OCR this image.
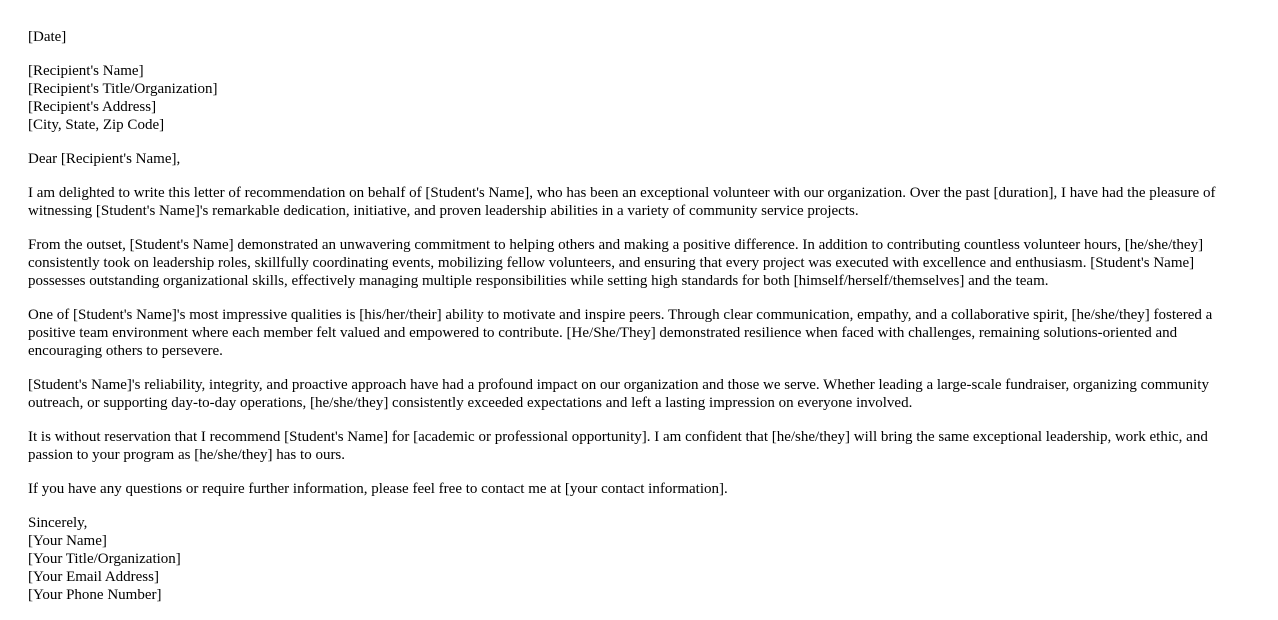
[Date]
[Recipient's Name]
[Recipient's Title/Organization]
[Recipient's Address]
[City, State, Zip Code]
Dear [Recipient's Name],

I am delighted to write this letter of recommendation on behalf of [Student's Name], who has been an exceptional volunteer with our organization. Over the past [duration], I have had the pleasure of witnessing [Student's Name]'s remarkable dedication, initiative, and proven leadership abilities in a variety of community service projects.

From the outset, [Student's Name] demonstrated an unwavering commitment to helping others and making a positive difference. In addition to contributing countless volunteer hours, [he/she/they] consistently took on leadership roles, skillfully coordinating events, mobilizing fellow volunteers, and ensuring that every project was executed with excellence and enthusiasm. [Student's Name] possesses outstanding organizational skills, effectively managing multiple responsibilities while setting high standards for both [himself/herself/themselves] and the team.

One of [Student's Name]'s most impressive qualities is [his/her/their] ability to motivate and inspire peers. Through clear communication, empathy, and a collaborative spirit, [he/she/they] fostered a positive team environment where each member felt valued and empowered to contribute. [He/She/They] demonstrated resilience when faced with challenges, remaining solutions-oriented and encouraging others to persevere.

[Student's Name]'s reliability, integrity, and proactive approach have had a profound impact on our organization and those we serve. Whether leading a large-scale fundraiser, organizing community outreach, or supporting day-to-day operations, [he/she/they] consistently exceeded expectations and left a lasting impression on everyone involved.

It is without reservation that I recommend [Student's Name] for [academic or professional opportunity]. I am confident that [he/she/they] will bring the same exceptional leadership, work ethic, and passion to your program as [he/she/they] has to ours.

If you have any questions or require further information, please feel free to contact me at [your contact information].

Sincerely,
[Your Name]
[Your Title/Organization]
[Your Email Address]
[Your Phone Number]
